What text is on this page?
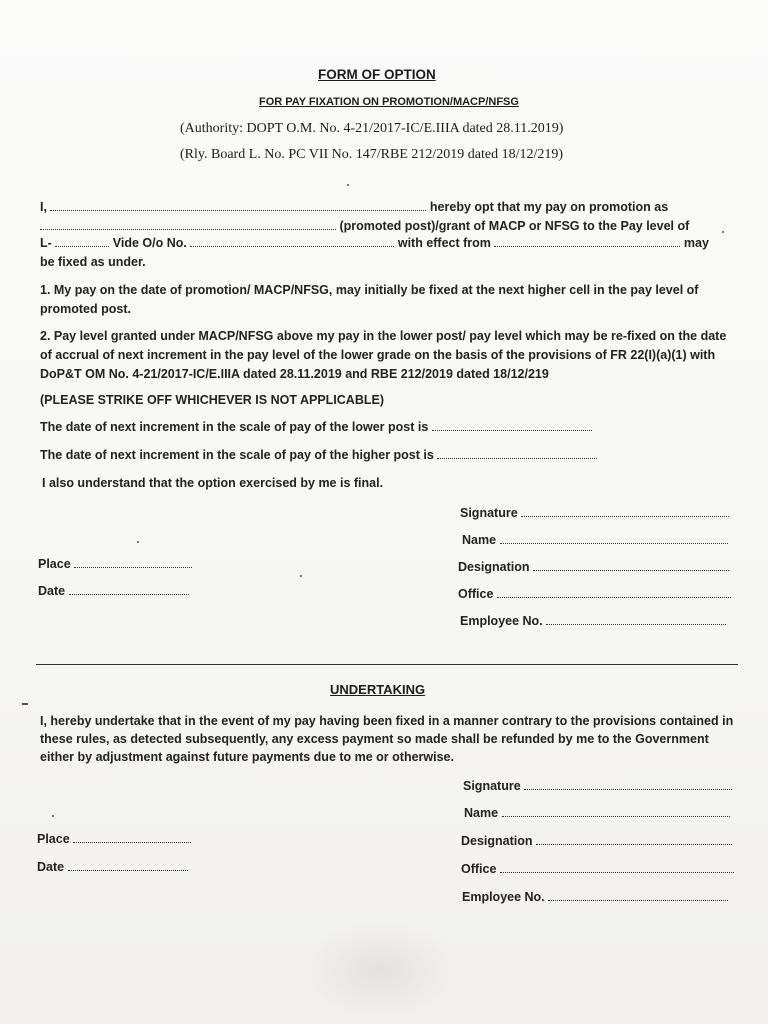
FORM OF OPTION
FOR PAY FIXATION ON PROMOTION/MACP/NFSG
(Authority: DOPT O.M. No. 4-21/2017-IC/E.IIIA dated 28.11.2019)
(Rly. Board L. No. PC VII No. 147/RBE 212/2019 dated 18/12/219)
I,	hereby opt that my pay on promotion as
(promoted post)/grant of MACP or NFSG to the Pay level of
L-	Vide O/o No.	with effect from	may
be fixed as under.
1. My pay on the date of promotion/ MACP/NFSG, may initially be fixed at the next higher cell in the pay level of promoted post.
2. Pay level granted under MACP/NFSG above my pay in the lower post/ pay level which may be re-fixed on the date of accrual of next increment in the pay level of the lower grade on the basis of the provisions of FR 22(I)(a)(1) with DoP&T OM No. 4-21/2017-IC/E.IIIA dated 28.11.2019 and RBE 212/2019 dated 18/12/219
(PLEASE STRIKE OFF WHICHEVER IS NOT APPLICABLE)
The date of next increment in the scale of pay of the lower post is
The date of next increment in the scale of pay of the higher post is
I also understand that the option exercised by me is final.
Signature
Name
Designation
Office
Employee No.
Place
Date
UNDERTAKING
I, hereby undertake that in the event of my pay having been fixed in a manner contrary to the provisions contained in these rules, as detected subsequently, any excess payment so made shall be refunded by me to the Government either by adjustment against future payments due to me or otherwise.
Signature
Name
Designation
Office
Employee No.
Place
Date
